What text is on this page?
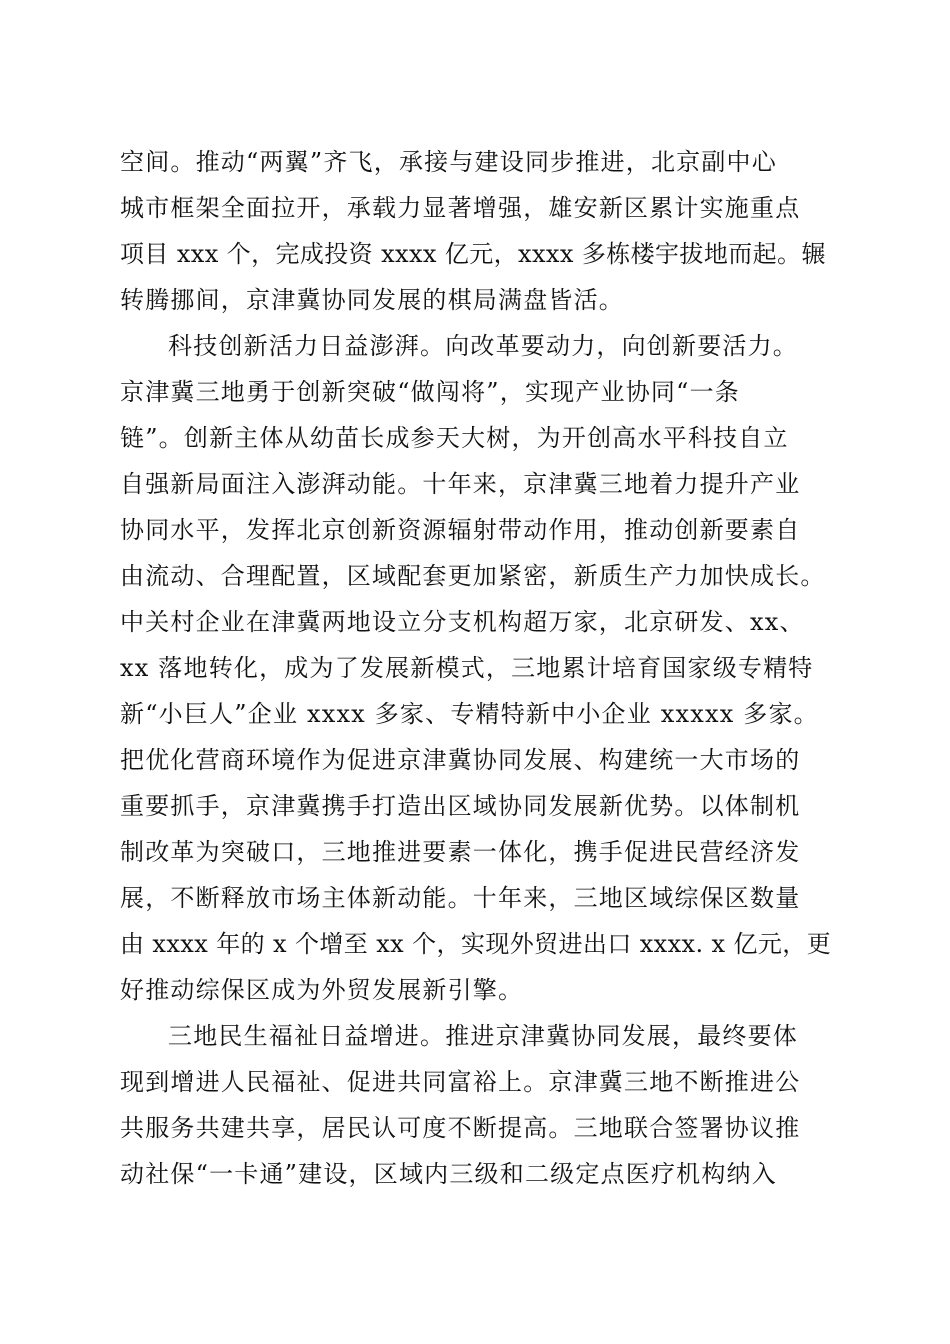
空间。推动“两翼”齐飞，承接与建设同步推进，北京副中心

城市框架全面拉开，承载力显著增强，雄安新区累计实施重点

项目 xxx 个，完成投资 xxxx 亿元，xxxx 多栋楼宇拔地而起。辗

转腾挪间，京津冀协同发展的棋局满盘皆活。

科技创新活力日益澎湃。向改革要动力，向创新要活力。

京津冀三地勇于创新突破“做闯将”，实现产业协同“一条

链”。创新主体从幼苗长成参天大树，为开创高水平科技自立

自强新局面注入澎湃动能。十年来，京津冀三地着力提升产业

协同水平，发挥北京创新资源辐射带动作用，推动创新要素自

由流动、合理配置，区域配套更加紧密，新质生产力加快成长。

中关村企业在津冀两地设立分支机构超万家，北京研发、xx、

xx 落地转化，成为了发展新模式，三地累计培育国家级专精特

新“小巨人”企业 xxxx 多家、专精特新中小企业 xxxxx 多家。

把优化营商环境作为促进京津冀协同发展、构建统一大市场的

重要抓手，京津冀携手打造出区域协同发展新优势。以体制机

制改革为突破口，三地推进要素一体化，携手促进民营经济发

展，不断释放市场主体新动能。十年来，三地区域综保区数量

由 xxxx 年的 x 个增至 xx 个，实现外贸进出口 xxxx. x 亿元，更

好推动综保区成为外贸发展新引擎。

三地民生福祉日益增进。推进京津冀协同发展，最终要体

现到增进人民福祉、促进共同富裕上。京津冀三地不断推进公

共服务共建共享，居民认可度不断提高。三地联合签署协议推

动社保“一卡通”建设，区域内三级和二级定点医疗机构纳入
